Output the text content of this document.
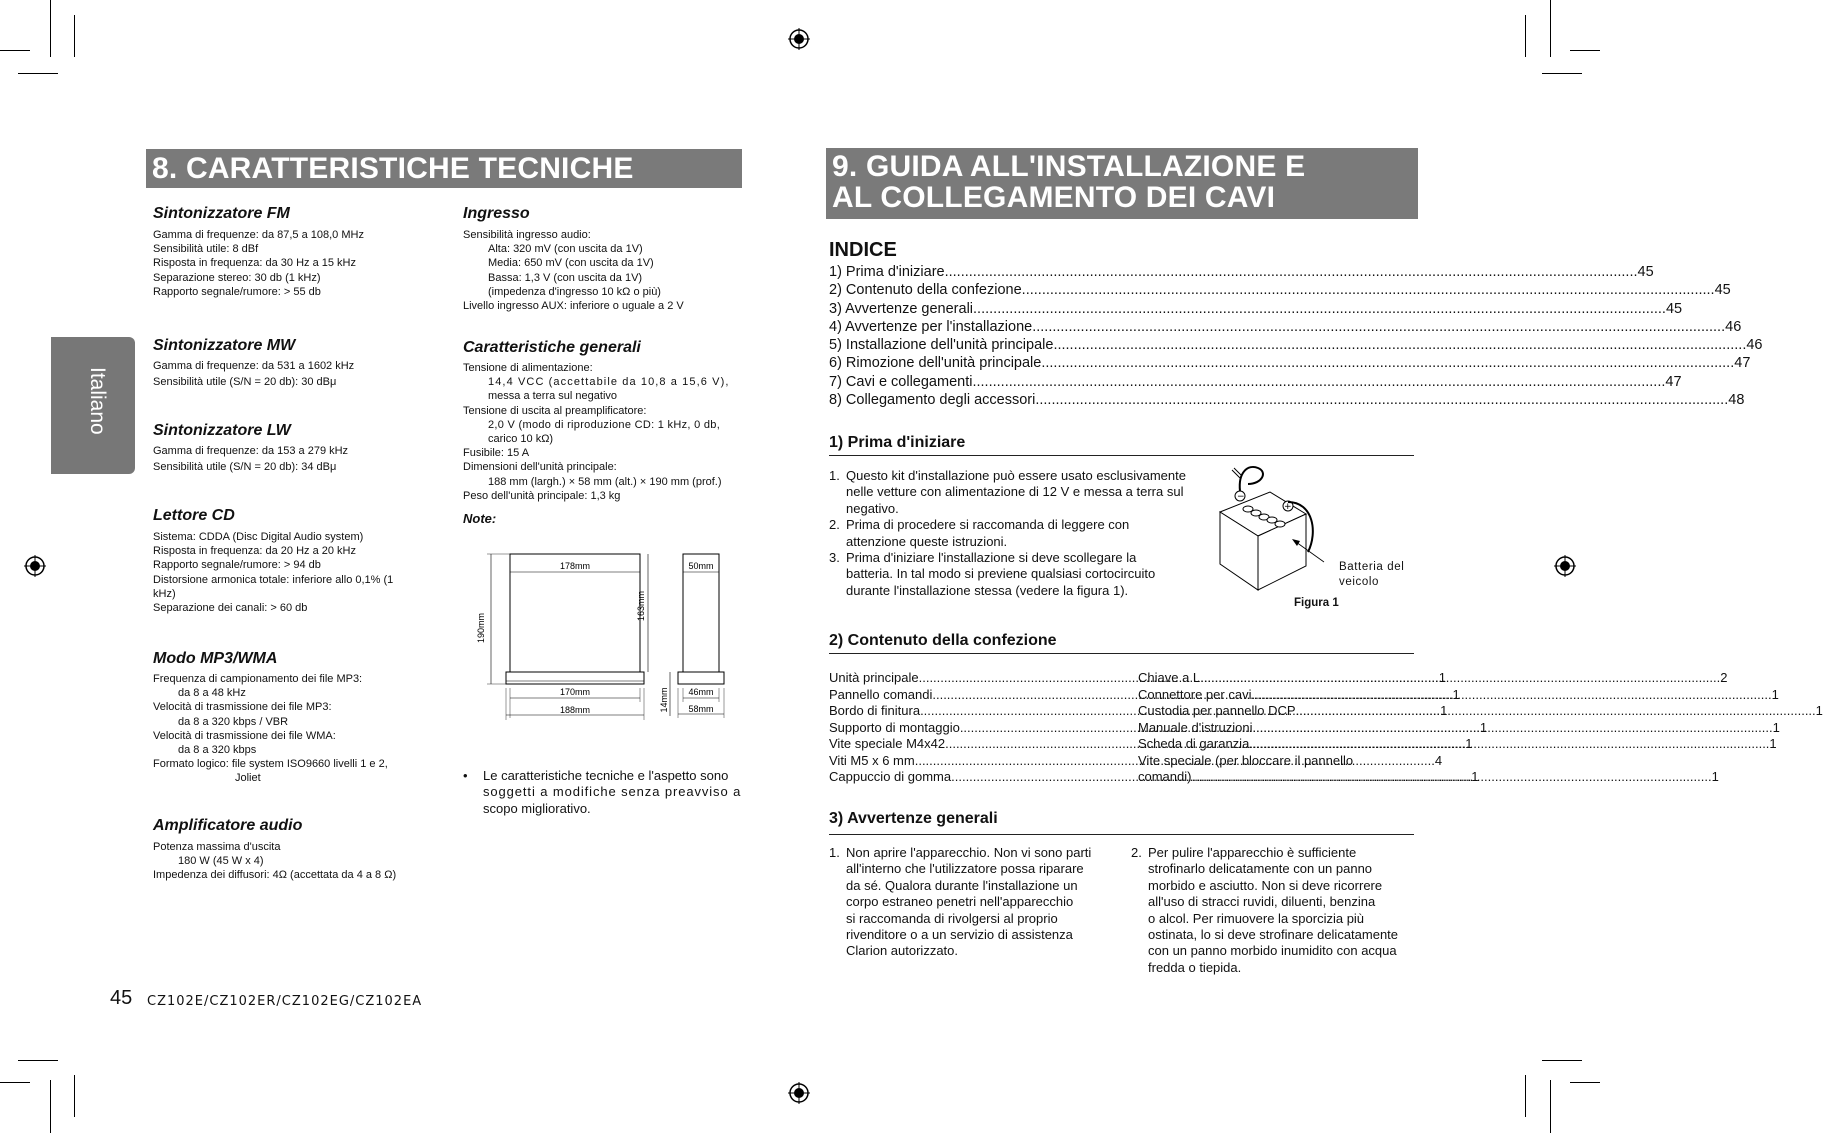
Italiano
8. CARATTERISTICHE TECNICHE
Sintonizzatore FM
Gamma di frequenze: da 87,5 a 108,0 MHz
Sensibilità utile: 8 dBf
Risposta in frequenza: da 30 Hz a 15 kHz
Separazione stereo: 30 db (1 kHz)
Rapporto segnale/rumore: > 55 db
Sintonizzatore MW
Gamma di frequenze: da 531 a 1602 kHz
Sensibilità utile (S/N = 20 db): 30 dBμ
Sintonizzatore LW
Gamma di frequenze: da 153 a 279 kHz
Sensibilità utile (S/N = 20 db): 34 dBμ
Lettore CD
Sistema: CDDA (Disc Digital Audio system)
Risposta in frequenza: da 20 Hz a 20 kHz
Rapporto segnale/rumore: > 94 db
Distorsione armonica totale: inferiore allo 0,1% (1
kHz)
Separazione dei canali: > 60 db
Modo MP3/WMA
Frequenza di campionamento dei file MP3:
da 8 a 48 kHz
Velocità di trasmissione dei file MP3:
da 8 a 320 kbps / VBR
Velocità di trasmissione dei file WMA:
da 8 a 320 kbps
Formato logico: file system ISO9660 livelli 1 e 2,
Joliet
Amplificatore audio
Potenza massima d'uscita
180 W (45 W x 4)
Impedenza dei diffusori: 4Ω (accettata da 4 a 8 Ω)
Ingresso
Sensibilità ingresso audio:
Alta: 320 mV (con uscita da 1V)
Media: 650 mV (con uscita da 1V)
Bassa: 1,3 V (con uscita da 1V)
(impedenza d'ingresso 10 kΩ o più)
Livello ingresso AUX: inferiore o uguale a 2 V
Caratteristiche generali
Tensione di alimentazione:
14,4 VCC (accettabile da 10,8 a 15,6 V),
messa a terra sul negativo
Tensione di uscita al preamplificatore:
2,0 V (modo di riproduzione CD: 1 kHz, 0 db,
carico 10 kΩ)
Fusibile: 15 A
Dimensioni dell'unità principale:
188 mm (largh.) × 58 mm (alt.) × 190 mm (prof.)
Peso dell'unità principale: 1,3 kg
Note:
178mm
190mm
163mm
170mm
188mm
50mm
14mm 46mm
58mm
•	Le caratteristiche tecniche e l'aspetto sono
soggetti a modifiche senza preavviso a
scopo migliorativo.
45 CZ102E/CZ102ER/CZ102EG/CZ102EA
9. GUIDA ALL'INSTALLAZIONE E
AL COLLEGAMENTO DEI CAVI
INDICE
1) Prima d'iniziare .....	45
2) Contenuto della confezione .....	45
3) Avvertenze generali .....	45
4) Avvertenze per l'installazione .....	46
5) Installazione dell'unità principale .....	46
6) Rimozione dell'unità principale .....	47
7) Cavi e collegamenti .....	47
8) Collegamento degli accessori .....	48
1) Prima d'iniziare
1. Questo kit d'installazione può essere usato esclusivamente
nelle vetture con alimentazione di 12 V e messa a terra sul
negativo.
2. Prima di procedere si raccomanda di leggere con
attenzione queste istruzioni.
3. Prima d'iniziare l'installazione si deve scollegare la
batteria. In tal modo si previene qualsiasi cortocircuito
durante l'installazione stessa (vedere la figura 1).
−
+
Batteria del
veicolo
Figura 1
2) Contenuto della confezione
Unità principale .....	1
Pannello comandi .....	1
Bordo di finitura .....	1
Supporto di montaggio .....	1
Vite speciale M4x42 .....	1
Viti M5 x 6 mm .....	4
Cappuccio di gomma .....	1
Chiave a L .....	2
Connettore per cavi .....	1
Custodia per pannello DCP .....	1
Manuale d'istruzioni .....	1
Scheda di garanzia .....	1
Vite speciale (per bloccare il pannello
comandi) .....	1
3) Avvertenze generali
1. Non aprire l'apparecchio. Non vi sono parti
all'interno che l'utilizzatore possa riparare
da sé. Qualora durante l'installazione un
corpo estraneo penetri nell'apparecchio
si raccomanda di rivolgersi al proprio
rivenditore o a un servizio di assistenza
Clarion autorizzato.
2. Per pulire l'apparecchio è sufficiente
strofinarlo delicatamente con un panno
morbido e asciutto. Non si deve ricorrere
all'uso di stracci ruvidi, diluenti, benzina
o alcol. Per rimuovere la sporcizia più
ostinata, lo si deve strofinare delicatamente
con un panno morbido inumidito con acqua
fredda o tiepida.
